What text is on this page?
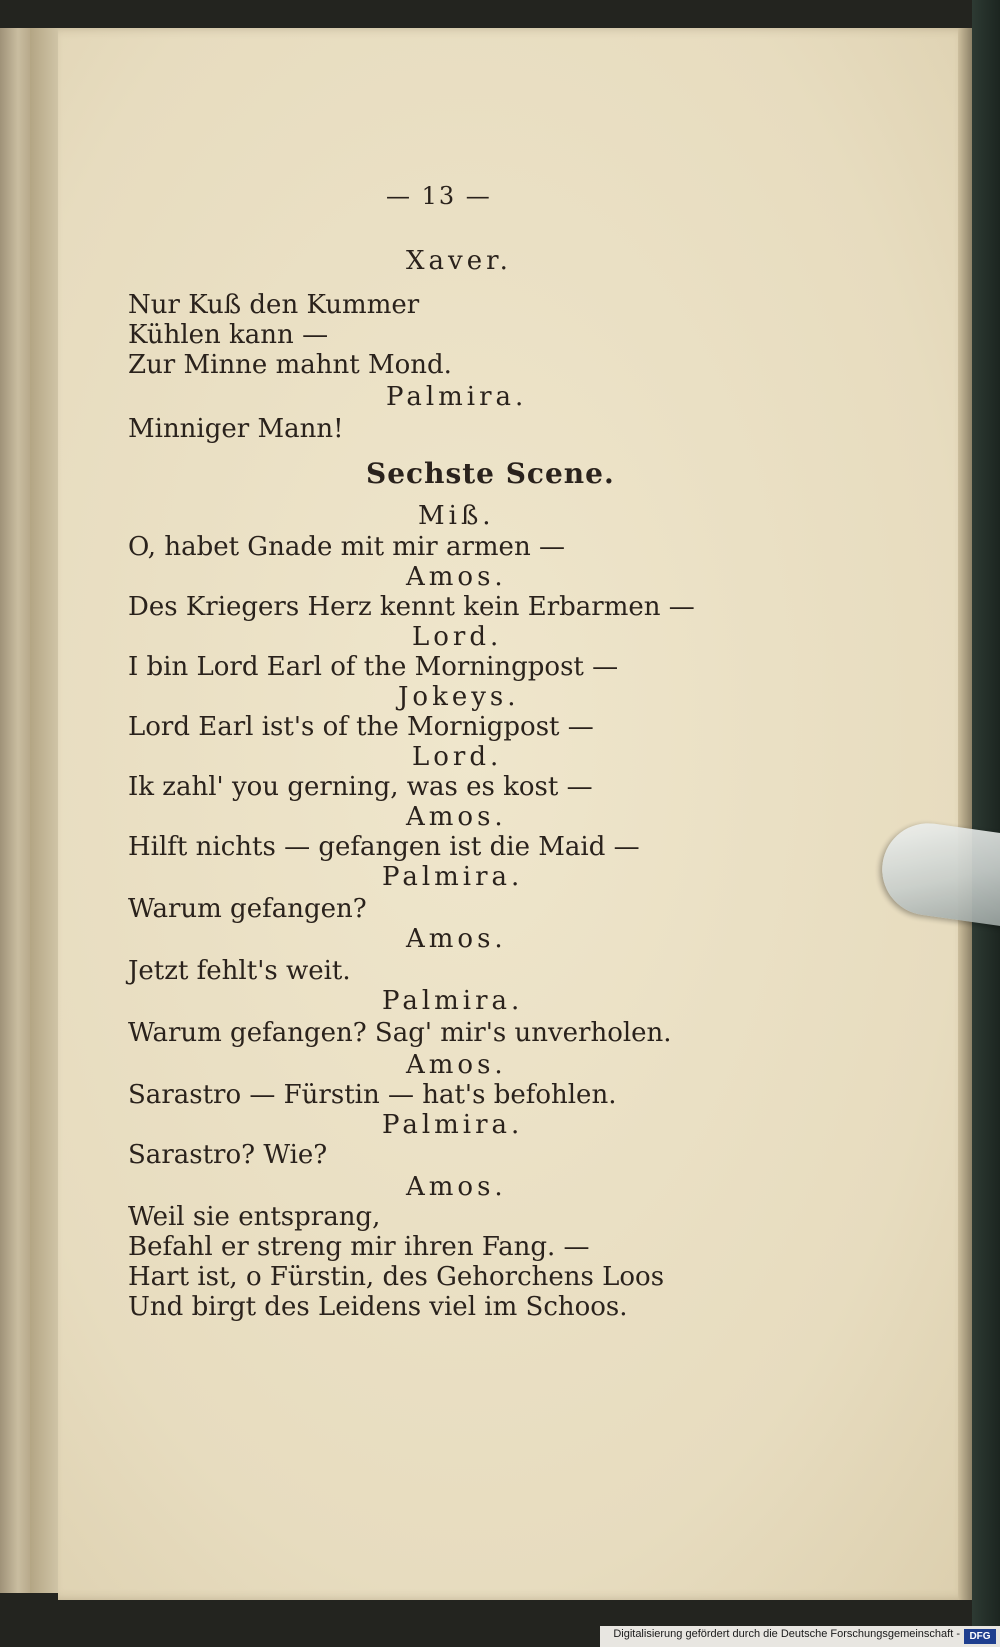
— 13 —

Xaver.

Nur Kuß den Kummer

Kühlen kann —

Zur Minne mahnt Mond.

Palmira.

Minniger Mann!

Sechste Scene.

Miß.

O, habet Gnade mit mir armen —

Amos.

Des Kriegers Herz kennt kein Erbarmen —

Lord.

I bin Lord Earl of the Morningpost —

Jokeys.

Lord Earl ist's of the Mornigpost —

Lord.

Ik zahl' you gerning, was es kost —

Amos.

Hilft nichts — gefangen ist die Maid —

Palmira.

Warum gefangen?

Amos.

Jetzt fehlt's weit.

Palmira.

Warum gefangen? Sag' mir's unverholen.

Amos.

Sarastro — Fürstin — hat's befohlen.

Palmira.

Sarastro? Wie?

Amos.

Weil sie entsprang,

Befahl er streng mir ihren Fang. —

Hart ist, o Fürstin, des Gehorchens Loos

Und birgt des Leidens viel im Schoos.

Digitalisierung gefördert durch die Deutsche Forschungsgemeinschaft - DFG
